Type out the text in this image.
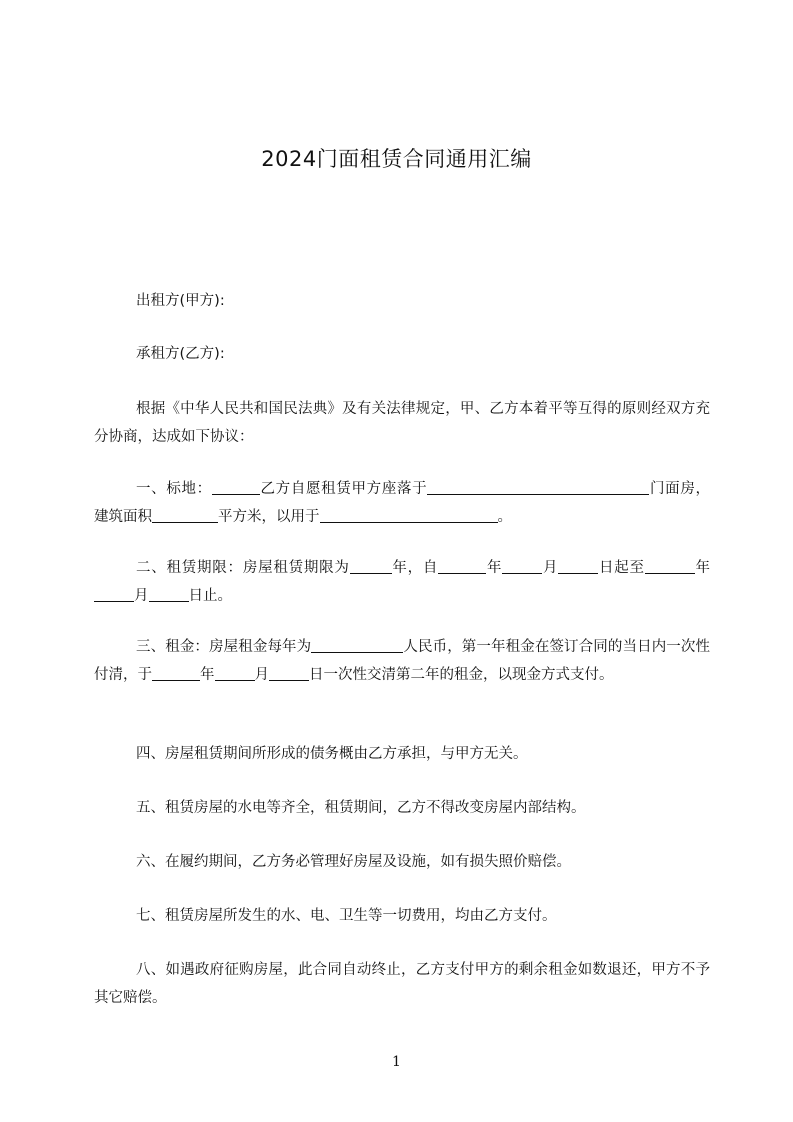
2024门面租赁合同通用汇编

出租方(甲方):

承租方(乙方):

根据《中华人民共和国民法典》及有关法律规定，甲、乙方本着平等互得的原则经双方充分协商，达成如下协议：

一、标地：	乙方自愿租赁甲方座落于	门面房，建筑面积	平方米，以用于	。

二、租赁期限：房屋租赁期限为	年，自	年	月	日起至	年月	日止。

三、租金：房屋租金每年为	人民币，第一年租金在签订合同的当日内一次性付清，于	年	月	日一次性交清第二年的租金，以现金方式支付。

四、房屋租赁期间所形成的债务概由乙方承担，与甲方无关。

五、租赁房屋的水电等齐全，租赁期间，乙方不得改变房屋内部结构。

六、在履约期间，乙方务必管理好房屋及设施，如有损失照价赔偿。

七、租赁房屋所发生的水、电、卫生等一切费用，均由乙方支付。

八、如遇政府征购房屋，此合同自动终止，乙方支付甲方的剩余租金如数退还，甲方不予其它赔偿。

1
